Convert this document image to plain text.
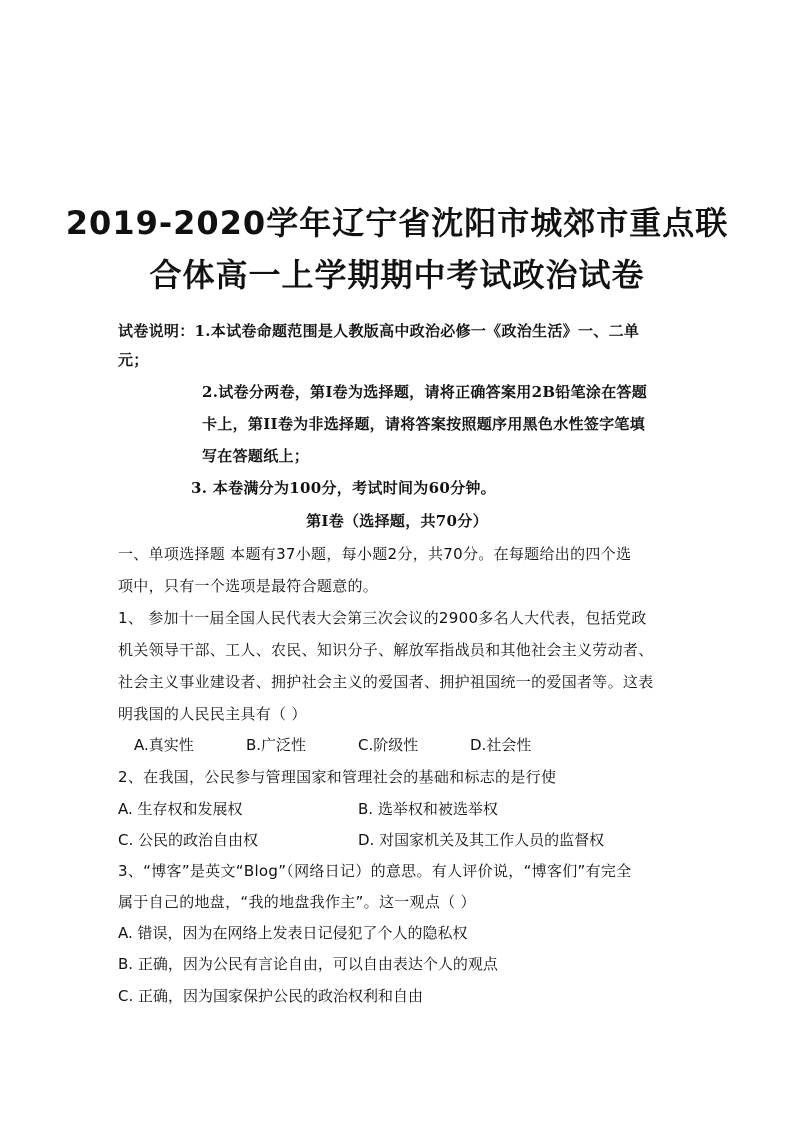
2019-2020学年辽宁省沈阳市城郊市重点联
合体高一上学期期中考试政治试卷
试卷说明：1.本试卷命题范围是人教版高中政治必修一《政治生活》一、二单
元；
2.试卷分两卷，第Ⅰ卷为选择题，请将正确答案用2B铅笔涂在答题
卡上，第II卷为非选择题，请将答案按照题序用黑色水性签字笔填
写在答题纸上；
3. 本卷满分为100分，考试时间为60分钟。
第Ⅰ卷（选择题，共70分）
一、单项选择题 本题有37小题，每小题2分，共70分。在每题给出的四个选
项中，只有一个选项是最符合题意的。
1、 参加十一届全国人民代表大会第三次会议的2900多名人大代表，包括党政
机关领导干部、工人、农民、知识分子、解放军指战员和其他社会主义劳动者、
社会主义事业建设者、拥护社会主义的爱国者、拥护祖国统一的爱国者等。这表
明我国的人民民主具有（ ）
A.真实性	B.广泛性	C.阶级性	D.社会性
2、在我国，公民参与管理国家和管理社会的基础和标志的是行使
A. 生存权和发展权	B. 选举权和被选举权
C. 公民的政治自由权	D. 对国家机关及其工作人员的监督权
3、“博客”是英文“Blog”（网络日记）的意思。有人评价说，“博客们”有完全
属于自己的地盘，“我的地盘我作主”。这一观点（ ）
A. 错误，因为在网络上发表日记侵犯了个人的隐私权
B. 正确，因为公民有言论自由，可以自由表达个人的观点
C. 正确，因为国家保护公民的政治权利和自由
